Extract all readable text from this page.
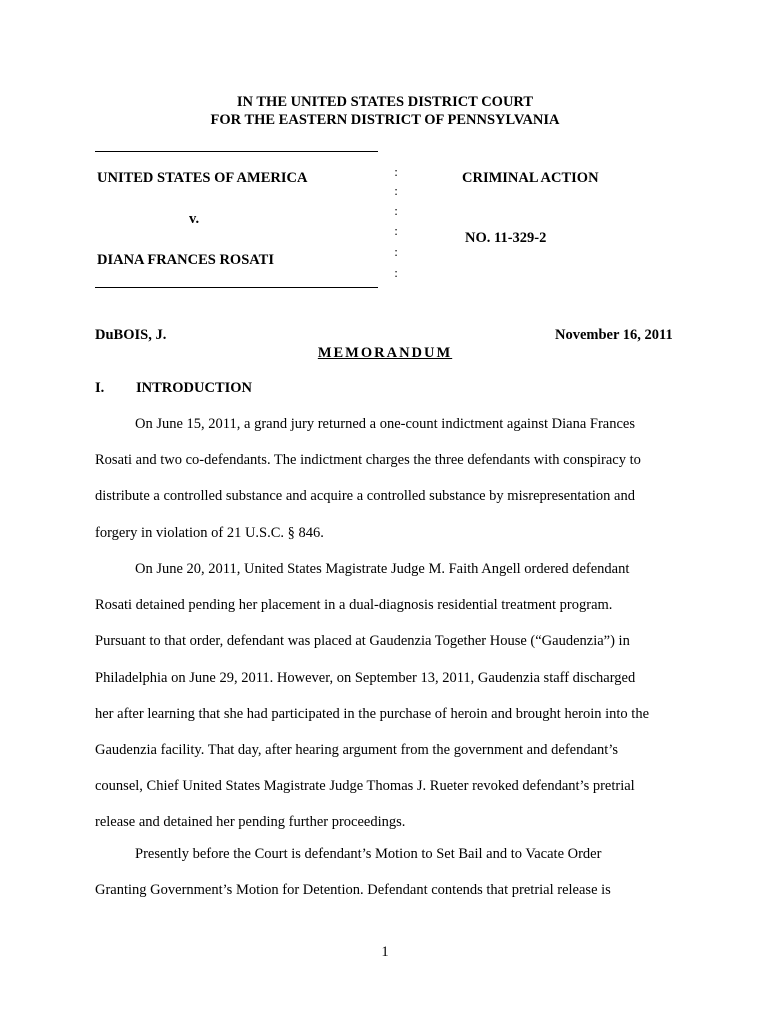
IN THE UNITED STATES DISTRICT COURT
FOR THE EASTERN DISTRICT OF PENNSYLVANIA
UNITED STATES OF AMERICA
v.
DIANA FRANCES ROSATI
:
:
:
:
:
:
CRIMINAL ACTION
NO. 11-329-2
DuBOIS, J.	November 16, 2011
MEMORANDUM
I. INTRODUCTION
On June 15, 2011, a grand jury returned a one-count indictment against Diana Frances
Rosati and two co-defendants. The indictment charges the three defendants with conspiracy to
distribute a controlled substance and acquire a controlled substance by misrepresentation and
forgery in violation of 21 U.S.C. § 846.
On June 20, 2011, United States Magistrate Judge M. Faith Angell ordered defendant
Rosati detained pending her placement in a dual-diagnosis residential treatment program.
Pursuant to that order, defendant was placed at Gaudenzia Together House (“Gaudenzia”) in
Philadelphia on June 29, 2011. However, on September 13, 2011, Gaudenzia staff discharged
her after learning that she had participated in the purchase of heroin and brought heroin into the
Gaudenzia facility. That day, after hearing argument from the government and defendant’s
counsel, Chief United States Magistrate Judge Thomas J. Rueter revoked defendant’s pretrial
release and detained her pending further proceedings.
Presently before the Court is defendant’s Motion to Set Bail and to Vacate Order
Granting Government’s Motion for Detention. Defendant contends that pretrial release is
1
